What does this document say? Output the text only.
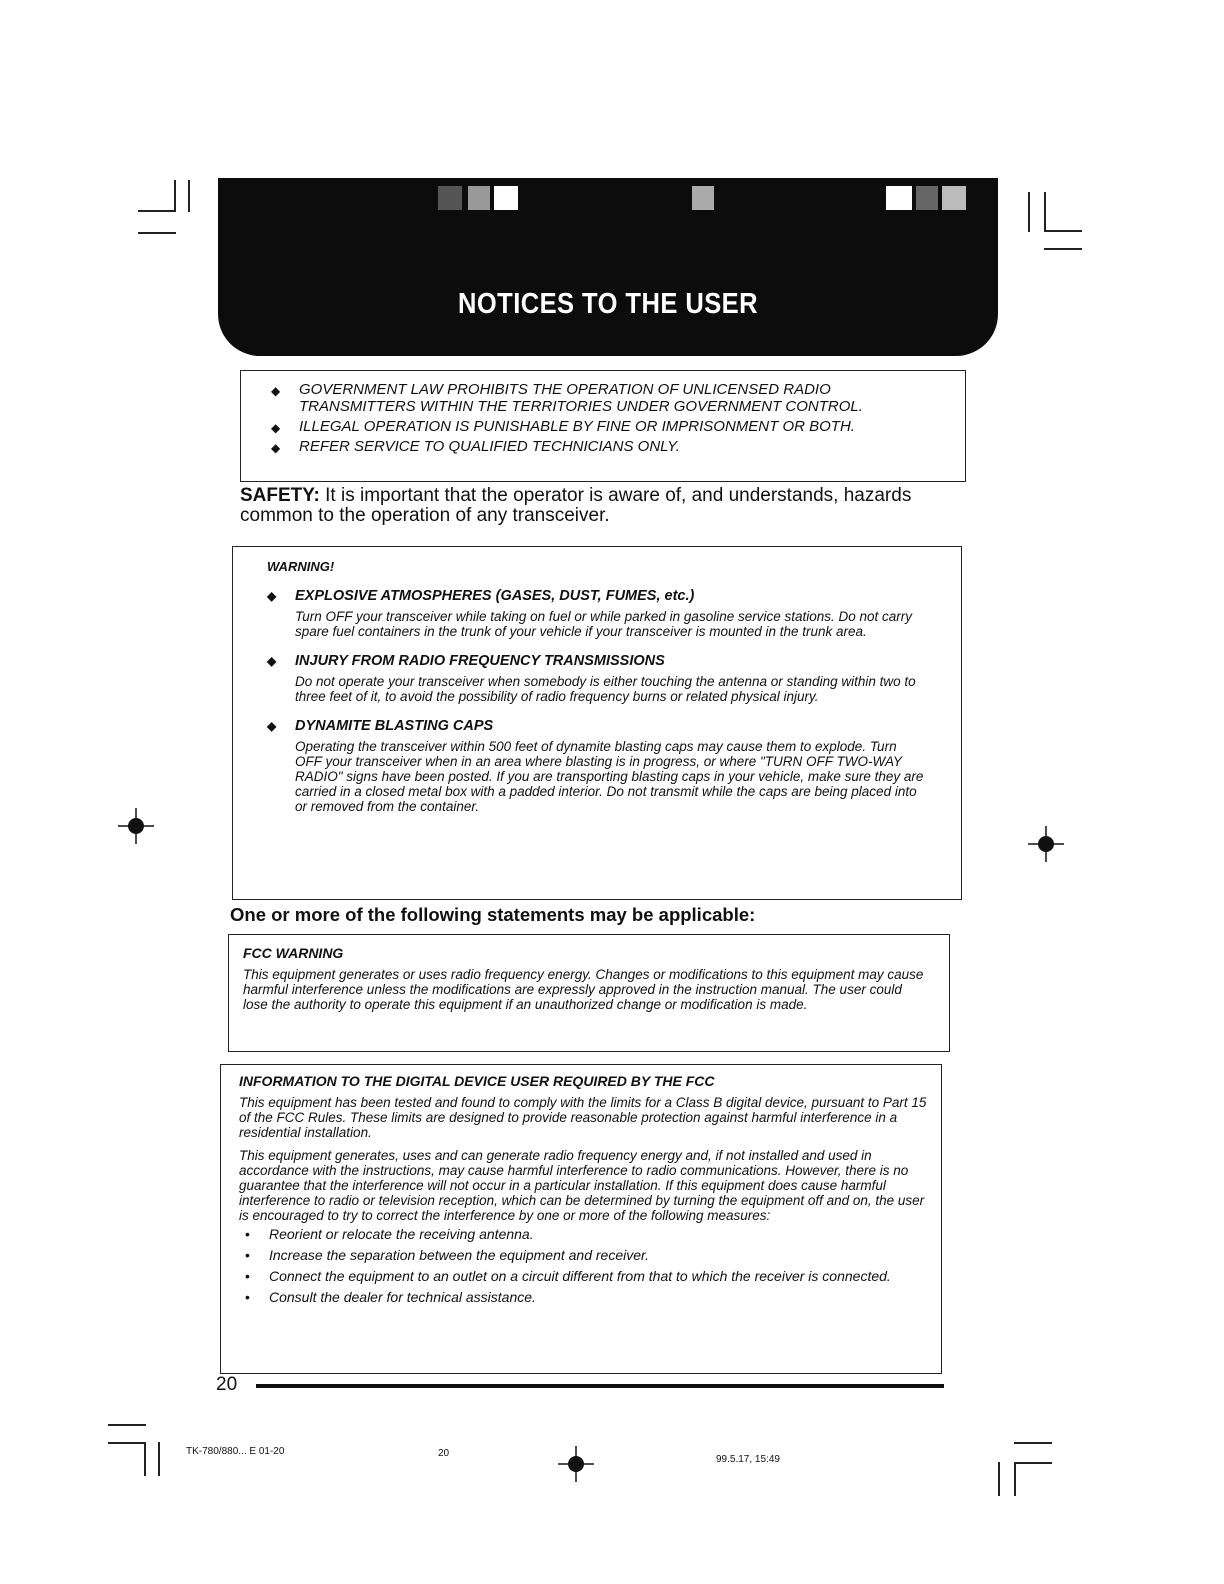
NOTICES TO THE USER
◆ GOVERNMENT LAW PROHIBITS THE OPERATION OF UNLICENSED RADIO TRANSMITTERS WITHIN THE TERRITORIES UNDER GOVERNMENT CONTROL.
◆ ILLEGAL OPERATION IS PUNISHABLE BY FINE OR IMPRISONMENT OR BOTH.
◆ REFER SERVICE TO QUALIFIED TECHNICIANS ONLY.
SAFETY: It is important that the operator is aware of, and understands, hazards common to the operation of any transceiver.
WARNING!
◆ EXPLOSIVE ATMOSPHERES (GASES, DUST, FUMES, etc.)
Turn OFF your transceiver while taking on fuel or while parked in gasoline service stations. Do not carry spare fuel containers in the trunk of your vehicle if your transceiver is mounted in the trunk area.
◆ INJURY FROM RADIO FREQUENCY TRANSMISSIONS
Do not operate your transceiver when somebody is either touching the antenna or standing within two to three feet of it, to avoid the possibility of radio frequency burns or related physical injury.
◆ DYNAMITE BLASTING CAPS
Operating the transceiver within 500 feet of dynamite blasting caps may cause them to explode. Turn OFF your transceiver when in an area where blasting is in progress, or where "TURN OFF TWO-WAY RADIO" signs have been posted. If you are transporting blasting caps in your vehicle, make sure they are carried in a closed metal box with a padded interior. Do not transmit while the caps are being placed into or removed from the container.
One or more of the following statements may be applicable:
FCC WARNING
This equipment generates or uses radio frequency energy. Changes or modifications to this equipment may cause harmful interference unless the modifications are expressly approved in the instruction manual. The user could lose the authority to operate this equipment if an unauthorized change or modification is made.
INFORMATION TO THE DIGITAL DEVICE USER REQUIRED BY THE FCC
This equipment has been tested and found to comply with the limits for a Class B digital device, pursuant to Part 15 of the FCC Rules. These limits are designed to provide reasonable protection against harmful interference in a residential installation.
This equipment generates, uses and can generate radio frequency energy and, if not installed and used in accordance with the instructions, may cause harmful interference to radio communications. However, there is no guarantee that the interference will not occur in a particular installation. If this equipment does cause harmful interference to radio or television reception, which can be determined by turning the equipment off and on, the user is encouraged to try to correct the interference by one or more of the following measures:
• Reorient or relocate the receiving antenna.
• Increase the separation between the equipment and receiver.
• Connect the equipment to an outlet on a circuit different from that to which the receiver is connected.
• Consult the dealer for technical assistance.
20
TK-780/880... E 01-20	20
99.5.17, 15:49
